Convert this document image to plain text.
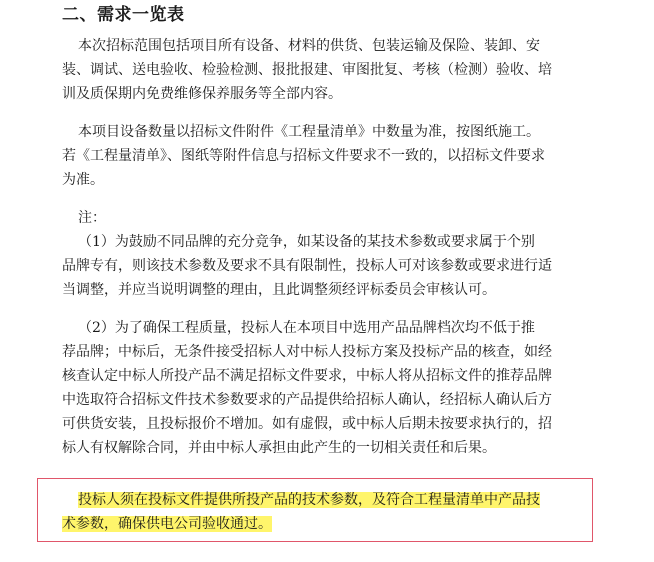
二、需求一览表
本次招标范围包括项目所有设备、材料的供货、包装运输及保险、装卸、安
装、调试、送电验收、检验检测、报批报建、审图批复、考核（检测）验收、培
训及质保期内免费维修保养服务等全部内容。
本项目设备数量以招标文件附件《工程量清单》中数量为准，按图纸施工。
若《工程量清单》、图纸等附件信息与招标文件要求不一致的，以招标文件要求
为准。
注：
（1）为鼓励不同品牌的充分竞争，如某设备的某技术参数或要求属于个别
品牌专有，则该技术参数及要求不具有限制性，投标人可对该参数或要求进行适
当调整，并应当说明调整的理由，且此调整须经评标委员会审核认可。
（2）为了确保工程质量，投标人在本项目中选用产品品牌档次均不低于推
荐品牌；中标后，无条件接受招标人对中标人投标方案及投标产品的核查，如经
核查认定中标人所投产品不满足招标文件要求，中标人将从招标文件的推荐品牌
中选取符合招标文件技术参数要求的产品提供给招标人确认，经招标人确认后方
可供货安装，且投标报价不增加。如有虚假，或中标人后期未按要求执行的，招
标人有权解除合同，并由中标人承担由此产生的一切相关责任和后果。
投标人须在投标文件提供所投产品的技术参数，及符合工程量清单中产品技
术参数，确保供电公司验收通过。
